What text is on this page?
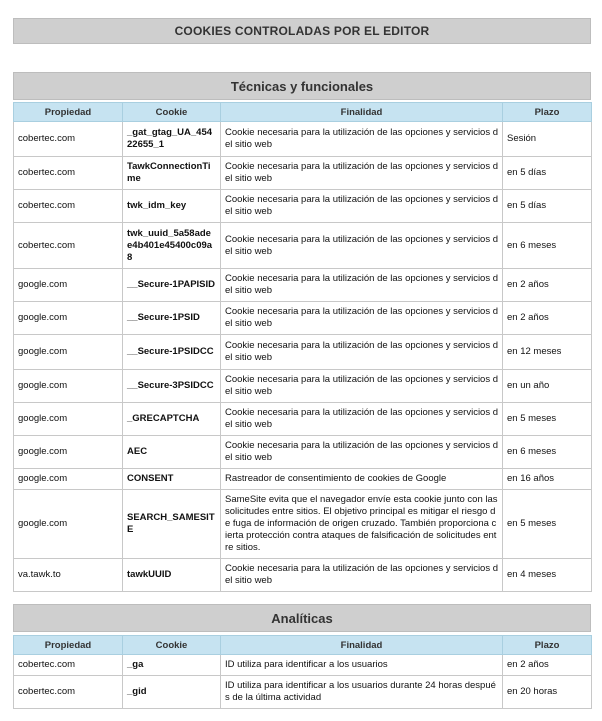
COOKIES CONTROLADAS POR EL EDITOR
Técnicas y funcionales
Propiedad	Cookie	Finalidad	Plazo
cobertec.com	_gat_gtag_UA_45422655_1	Cookie necesaria para la utilización de las opciones y servicios del sitio web	Sesión
cobertec.com	TawkConnectionTime	Cookie necesaria para la utilización de las opciones y servicios del sitio web	en 5 días
cobertec.com	twk_idm_key	Cookie necesaria para la utilización de las opciones y servicios del sitio web	en 5 días
cobertec.com	twk_uuid_5a58adee4b401e45400c09a8	Cookie necesaria para la utilización de las opciones y servicios del sitio web	en 6 meses
google.com	__Secure-1PAPISID	Cookie necesaria para la utilización de las opciones y servicios del sitio web	en 2 años
google.com	__Secure-1PSID	Cookie necesaria para la utilización de las opciones y servicios del sitio web	en 2 años
google.com	__Secure-1PSIDCC	Cookie necesaria para la utilización de las opciones y servicios del sitio web	en 12 meses
google.com	__Secure-3PSIDCC	Cookie necesaria para la utilización de las opciones y servicios del sitio web	en un año
google.com	_GRECAPTCHA	Cookie necesaria para la utilización de las opciones y servicios del sitio web	en 5 meses
google.com	AEC	Cookie necesaria para la utilización de las opciones y servicios del sitio web	en 6 meses
google.com	CONSENT	Rastreador de consentimiento de cookies de Google	en 16 años
google.com	SEARCH_SAMESITE	SameSite evita que el navegador envíe esta cookie junto con las solicitudes entre sitios. El objetivo principal es mitigar el riesgo de fuga de información de origen cruzado. También proporciona cierta protección contra ataques de falsificación de solicitudes entre sitios.	en 5 meses
va.tawk.to	tawkUUID	Cookie necesaria para la utilización de las opciones y servicios del sitio web	en 4 meses
Analíticas
Propiedad	Cookie	Finalidad	Plazo
cobertec.com	_ga	ID utiliza para identificar a los usuarios	en 2 años
cobertec.com	_gid	ID utiliza para identificar a los usuarios durante 24 horas después de la última actividad	en 20 horas
